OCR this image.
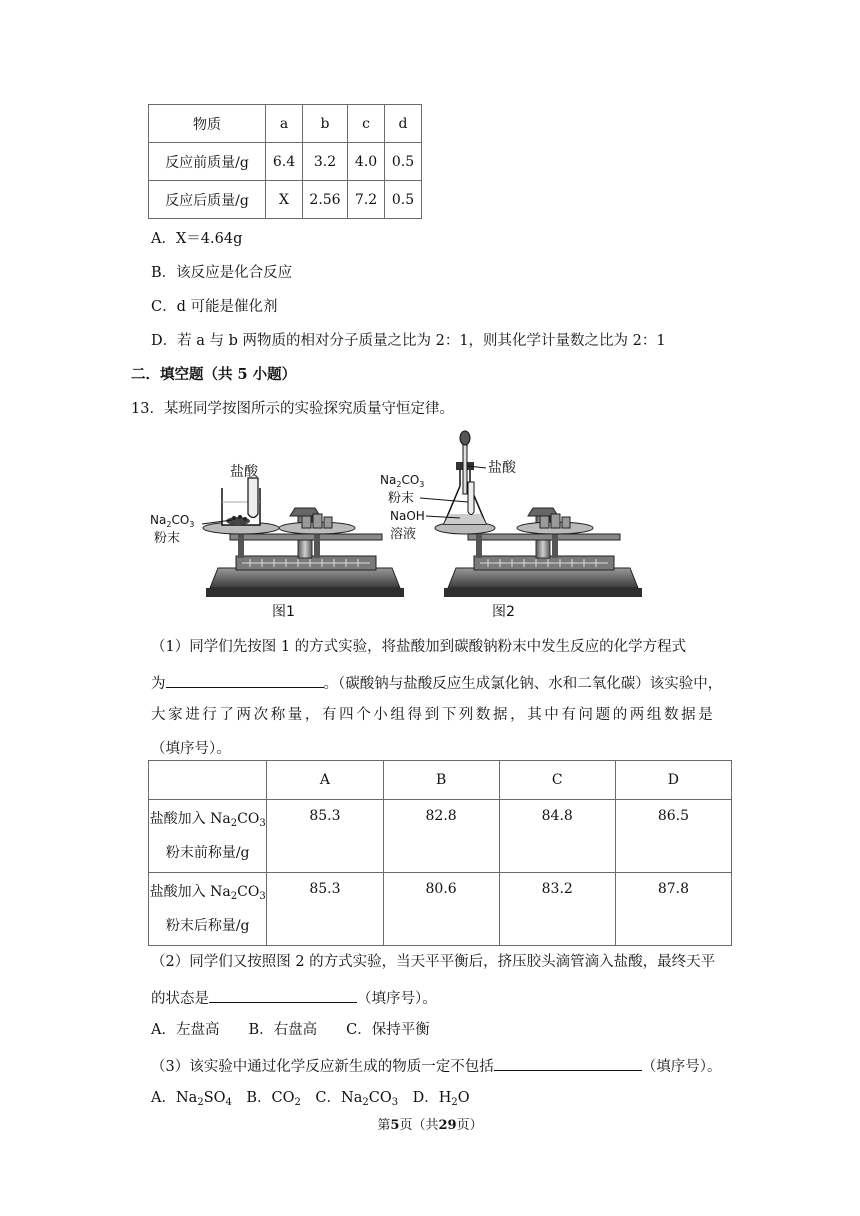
物质	a	b	c	d
反应前质量/g	6.4	3.2	4.0	0.5
反应后质量/g	X	2.56	7.2	0.5
A．X＝4.64g
B．该反应是化合反应
C．d 可能是催化剂
D．若 a 与 b 两物质的相对分子质量之比为 2：1，则其化学计量数之比为 2：1
二．填空题（共 5 小题）
13．某班同学按图所示的实验探究质量守恒定律。
盐酸
$Na_2CO_3$
粉末
图1
盐酸
$Na_2CO_3$
粉末
NaOH
溶液
图2
（1）同学们先按图 1 的方式实验，将盐酸加到碳酸钠粉末中发生反应的化学方程式
为	。（碳酸钠与盐酸反应生成氯化钠、水和二氧化碳）该实验中，
大家进行了两次称量，有四个小组得到下列数据，其中有问题的两组数据是
（填序号）。
	A	B	C	D
盐酸加入 $Na_2CO_3$
粉末前称量/g	85.3	82.8	84.8	86.5
盐酸加入 $Na_2CO_3$
粉末后称量/g	85.3	80.6	83.2	87.8
（2）同学们又按照图 2 的方式实验，当天平平衡后，挤压胶头滴管滴入盐酸，最终天平
的状态是	（填序号）。
A．左盘高　　B．右盘高　　C．保持平衡
（3）该实验中通过化学反应新生成的物质一定不包括	（填序号）。
A．$Na_2SO_4$　B．$CO_2$　C．$Na_2CO_3$　D．$H_2O$
第5页（共29页）
